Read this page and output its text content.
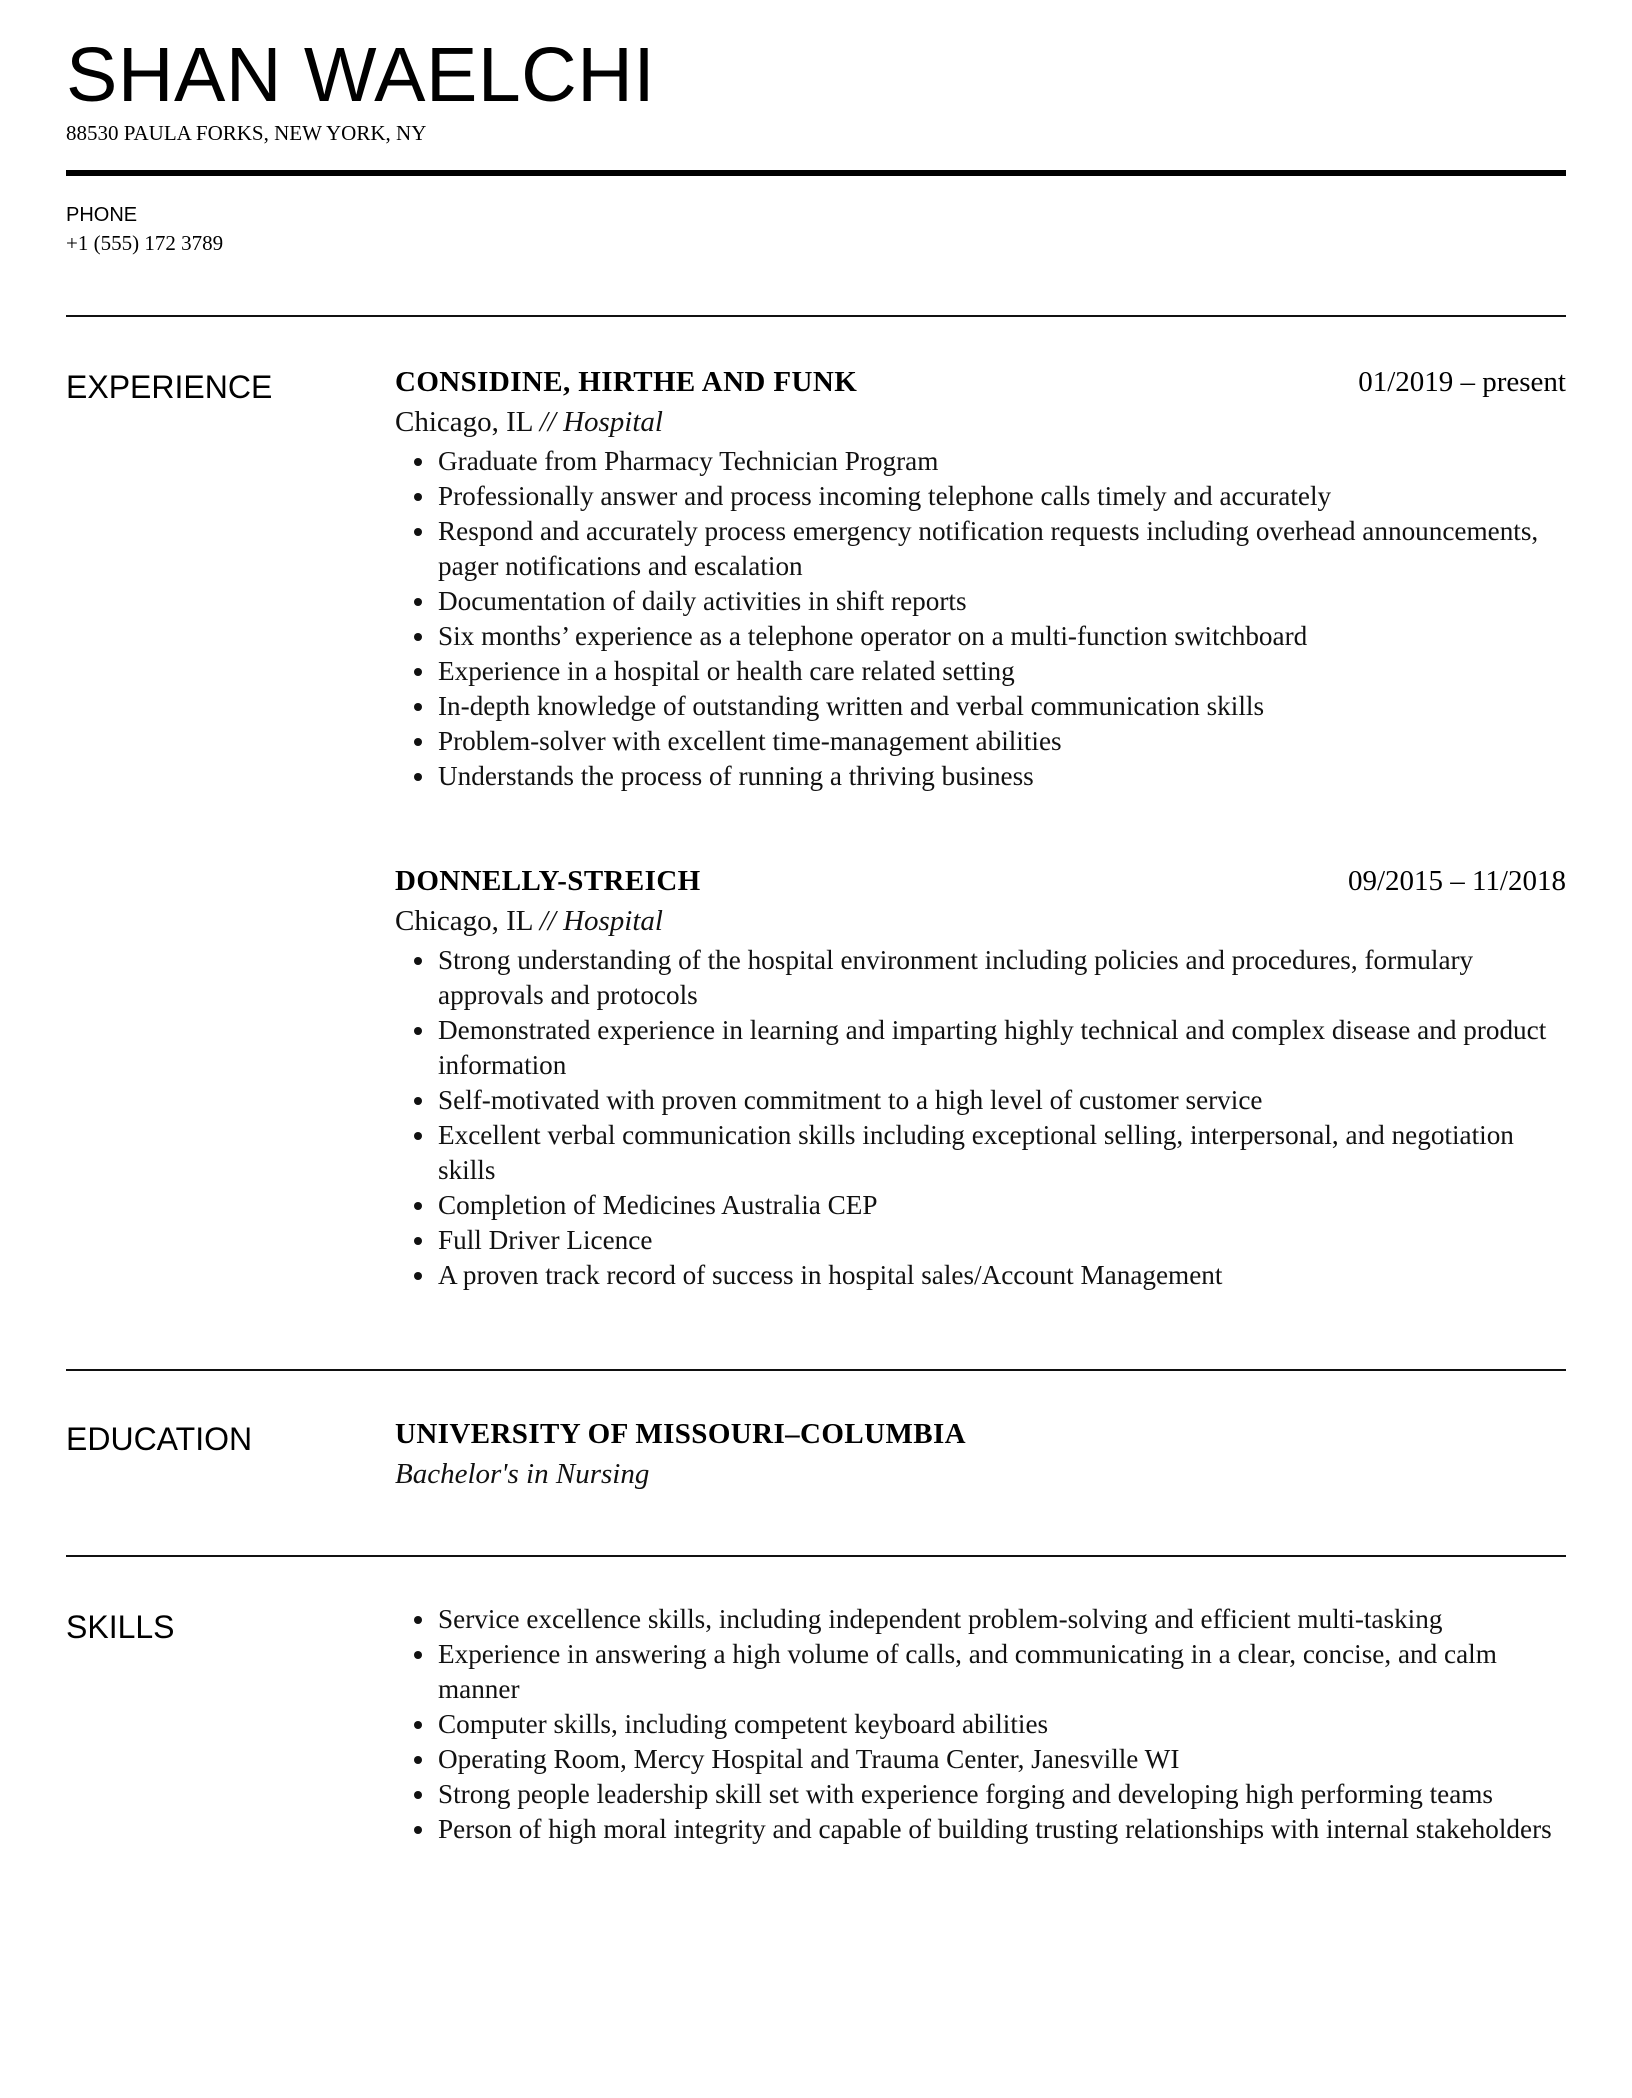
SHAN WAELCHI
88530 PAULA FORKS, NEW YORK, NY
PHONE
+1 (555) 172 3789
EXPERIENCE	CONSIDINE, HIRTHE AND FUNK	01/2019 – present
Chicago, IL // Hospital
Graduate from Pharmacy Technician Program
Professionally answer and process incoming telephone calls timely and accurately
Respond and accurately process emergency notification requests including overhead announcements, pager notifications and escalation
Documentation of daily activities in shift reports
Six months’ experience as a telephone operator on a multi-function switchboard
Experience in a hospital or health care related setting
In-depth knowledge of outstanding written and verbal communication skills
Problem-solver with excellent time-management abilities
Understands the process of running a thriving business
DONNELLY-STREICH	09/2015 – 11/2018
Chicago, IL // Hospital
Strong understanding of the hospital environment including policies and procedures, formulary approvals and protocols
Demonstrated experience in learning and imparting highly technical and complex disease and product information
Self-motivated with proven commitment to a high level of customer service
Excellent verbal communication skills including exceptional selling, interpersonal, and negotiation skills
Completion of Medicines Australia CEP
Full Driver Licence
A proven track record of success in hospital sales/Account Management
EDUCATION	UNIVERSITY OF MISSOURI–COLUMBIA
Bachelor's in Nursing
SKILLS	Service excellence skills, including independent problem-solving and efficient multi-tasking
Experience in answering a high volume of calls, and communicating in a clear, concise, and calm manner
Computer skills, including competent keyboard abilities
Operating Room, Mercy Hospital and Trauma Center, Janesville WI
Strong people leadership skill set with experience forging and developing high performing teams
Person of high moral integrity and capable of building trusting relationships with internal stakeholders
